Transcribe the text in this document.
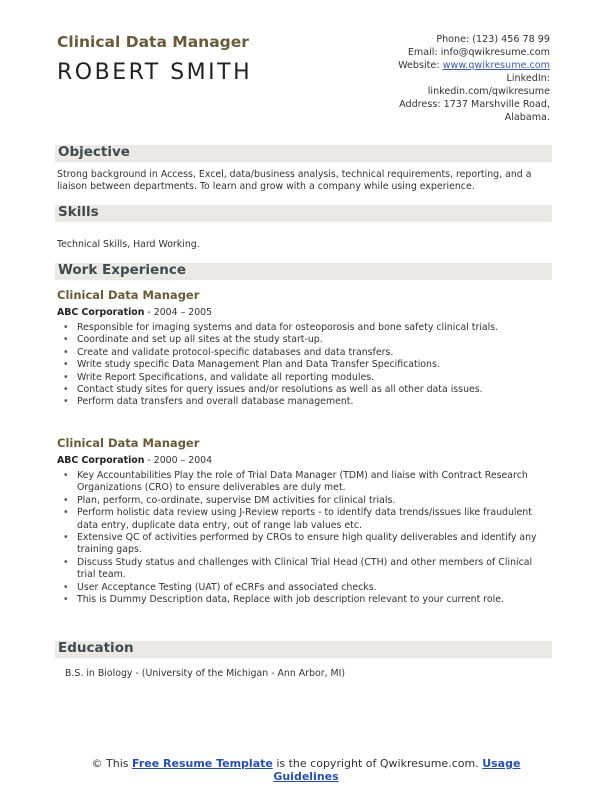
Clinical Data Manager
ROBERT SMITH
Phone: (123) 456 78 99
Email: info@qwikresume.com
Website: www.qwikresume.com
LinkedIn:
linkedin.com/qwikresume
Address: 1737 Marshville Road,
Alabama.
Objective
Strong background in Access, Excel, data/business analysis, technical requirements, reporting, and a liaison between departments. To learn and grow with a company while using experience.
Skills
Technical Skills, Hard Working.
Work Experience
Clinical Data Manager
ABC Corporation - 2004 – 2005
• Responsible for imaging systems and data for osteoporosis and bone safety clinical trials.
• Coordinate and set up all sites at the study start-up.
• Create and validate protocol-specific databases and data transfers.
• Write study specific Data Management Plan and Data Transfer Specifications.
• Write Report Specifications, and validate all reporting modules.
• Contact study sites for query issues and/or resolutions as well as all other data issues.
• Perform data transfers and overall database management.
Clinical Data Manager
ABC Corporation - 2000 – 2004
• Key Accountabilities Play the role of Trial Data Manager (TDM) and liaise with Contract Research Organizations (CRO) to ensure deliverables are duly met.
• Plan, perform, co-ordinate, supervise DM activities for clinical trials.
• Perform holistic data review using J-Review reports - to identify data trends/issues like fraudulent data entry, duplicate data entry, out of range lab values etc.
• Extensive QC of activities performed by CROs to ensure high quality deliverables and identify any training gaps.
• Discuss Study status and challenges with Clinical Trial Head (CTH) and other members of Clinical trial team.
• User Acceptance Testing (UAT) of eCRFs and associated checks.
• This is Dummy Description data, Replace with job description relevant to your current role.
Education
B.S. in Biology - (University of the Michigan - Ann Arbor, MI)
© This Free Resume Template is the copyright of Qwikresume.com. Usage
Guidelines
